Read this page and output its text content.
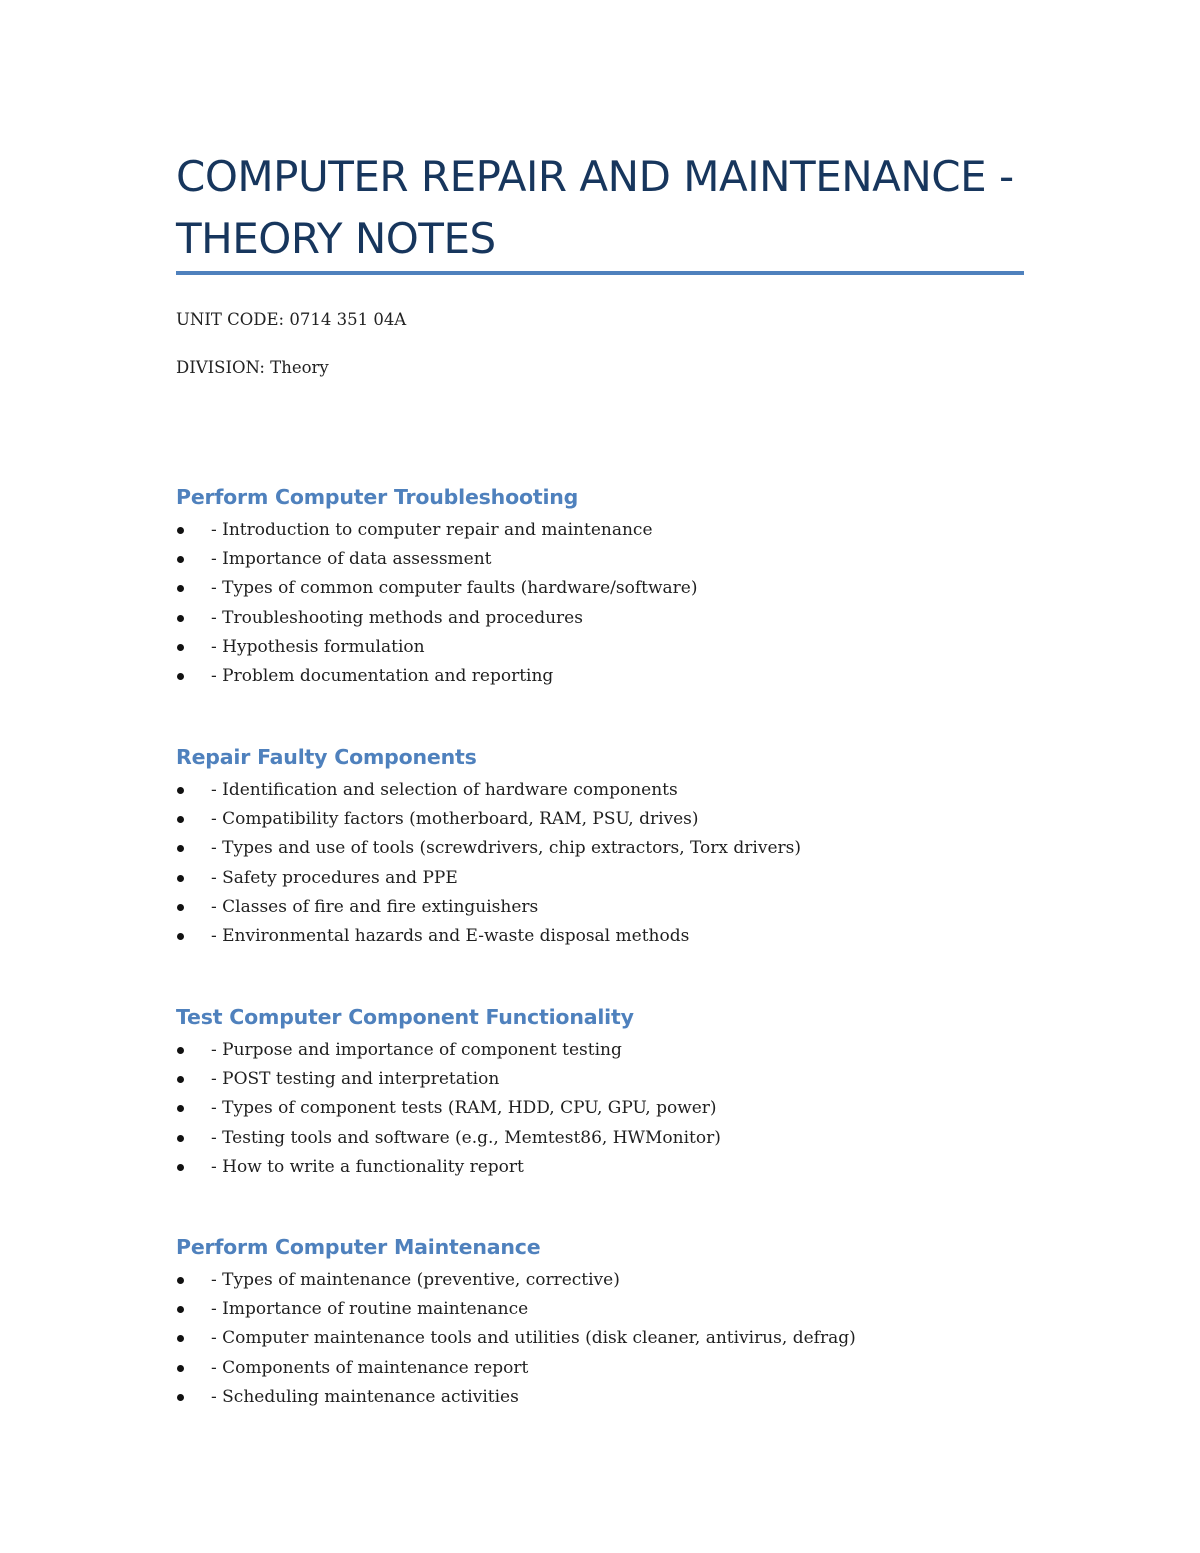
COMPUTER REPAIR AND MAINTENANCE - THEORY NOTES

UNIT CODE: 0714 351 04A

DIVISION: Theory

Perform Computer Troubleshooting
- Introduction to computer repair and maintenance
- Importance of data assessment
- Types of common computer faults (hardware/software)
- Troubleshooting methods and procedures
- Hypothesis formulation
- Problem documentation and reporting
Repair Faulty Components
- Identification and selection of hardware components
- Compatibility factors (motherboard, RAM, PSU, drives)
- Types and use of tools (screwdrivers, chip extractors, Torx drivers)
- Safety procedures and PPE
- Classes of fire and fire extinguishers
- Environmental hazards and E-waste disposal methods
Test Computer Component Functionality
- Purpose and importance of component testing
- POST testing and interpretation
- Types of component tests (RAM, HDD, CPU, GPU, power)
- Testing tools and software (e.g., Memtest86, HWMonitor)
- How to write a functionality report
Perform Computer Maintenance
- Types of maintenance (preventive, corrective)
- Importance of routine maintenance
- Computer maintenance tools and utilities (disk cleaner, antivirus, defrag)
- Components of maintenance report
- Scheduling maintenance activities
